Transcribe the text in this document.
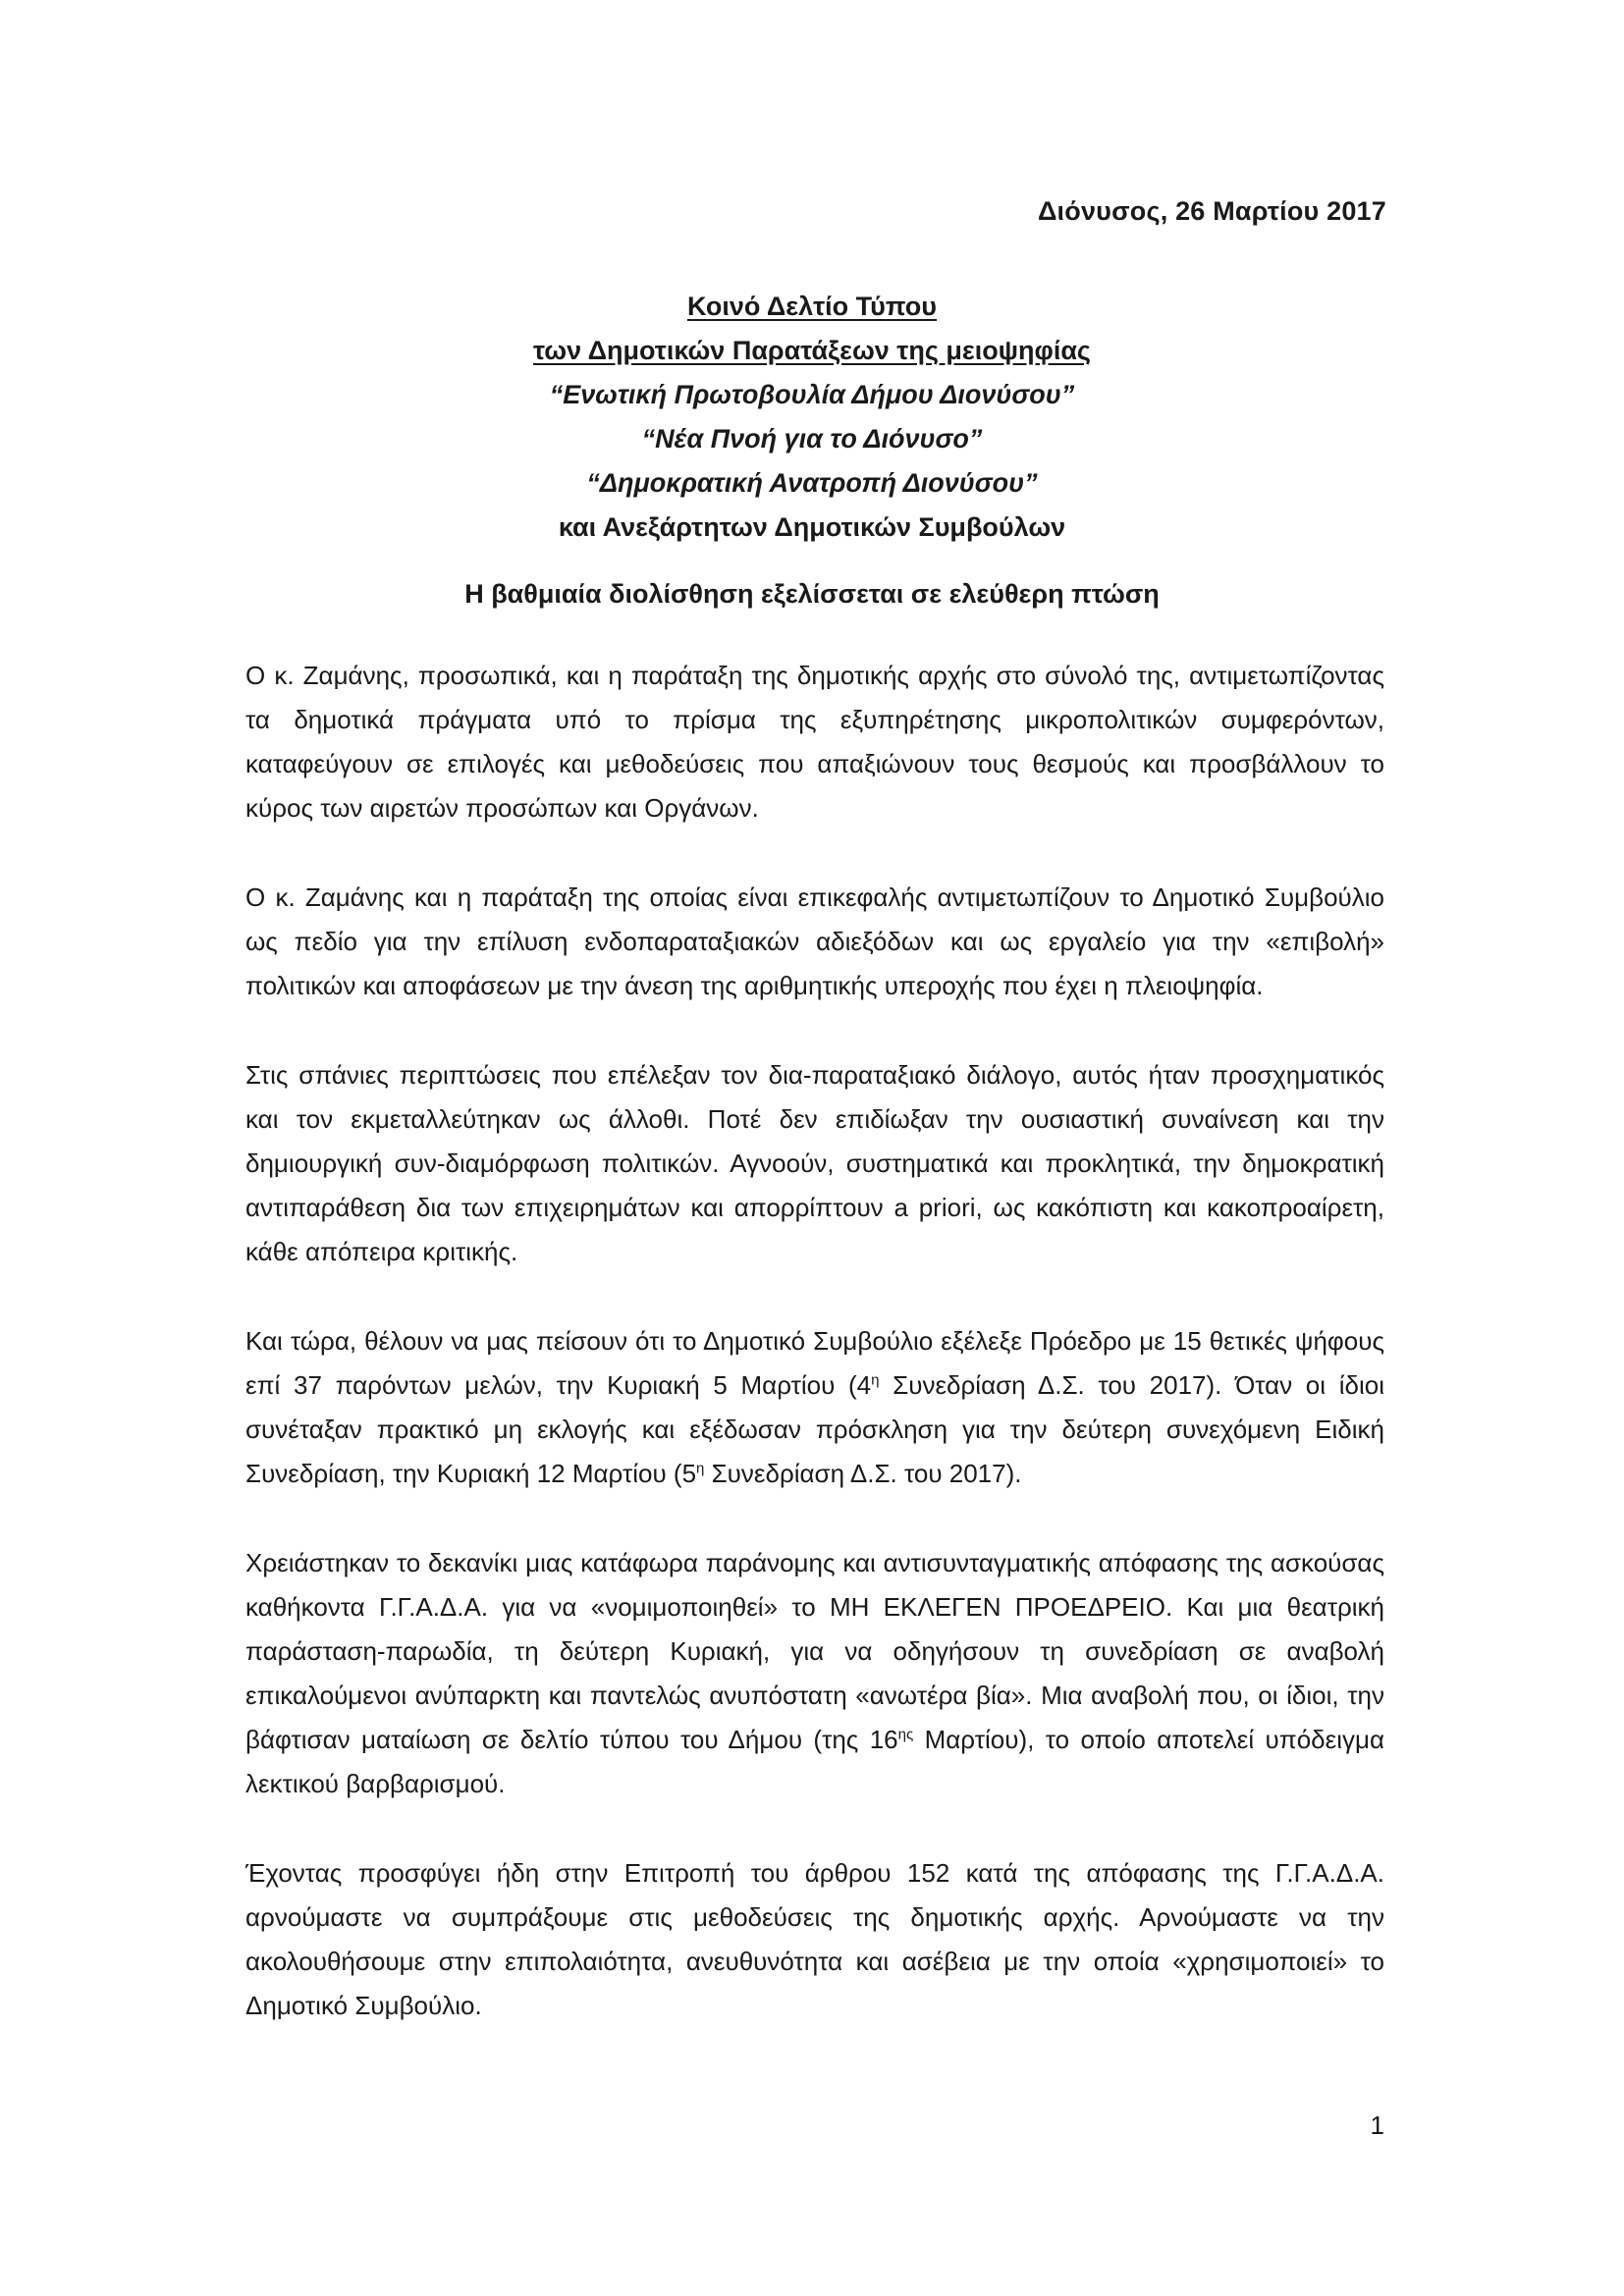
Διόνυσος, 26 Μαρτίου 2017
Κοινό Δελτίο Τύπου
των Δημοτικών Παρατάξεων της μειοψηφίας
“Ενωτική Πρωτοβουλία Δήμου Διονύσου”
“Νέα Πνοή για το Διόνυσο”
“Δημοκρατική Ανατροπή Διονύσου”
και Ανεξάρτητων Δημοτικών Συμβούλων
Η βαθμιαία διολίσθηση εξελίσσεται σε ελεύθερη πτώση

Ο κ. Ζαμάνης, προσωπικά, και η παράταξη της δημοτικής αρχής στο σύνολό της, αντιμετωπίζοντας τα δημοτικά πράγματα υπό το πρίσμα της εξυπηρέτησης μικροπολιτικών συμφερόντων, καταφεύγουν σε επιλογές και μεθοδεύσεις που απαξιώνουν τους θεσμούς και προσβάλλουν το κύρος των αιρετών προσώπων και Οργάνων.

Ο κ. Ζαμάνης και η παράταξη της οποίας είναι επικεφαλής αντιμετωπίζουν το Δημοτικό Συμβούλιο ως πεδίο για την επίλυση ενδοπαραταξιακών αδιεξόδων και ως εργαλείο για την «επιβολή» πολιτικών και αποφάσεων με την άνεση της αριθμητικής υπεροχής που έχει η πλειοψηφία.

Στις σπάνιες περιπτώσεις που επέλεξαν τον δια-παραταξιακό διάλογο, αυτός ήταν προσχηματικός και τον εκμεταλλεύτηκαν ως άλλοθι. Ποτέ δεν επιδίωξαν την ουσιαστική συναίνεση και την δημιουργική συν-διαμόρφωση πολιτικών. Αγνοούν, συστηματικά και προκλητικά, την δημοκρατική αντιπαράθεση δια των επιχειρημάτων και απορρίπτουν a priori, ως κακόπιστη και κακοπροαίρετη, κάθε απόπειρα κριτικής.

Και τώρα, θέλουν να μας πείσουν ότι το Δημοτικό Συμβούλιο εξέλεξε Πρόεδρο με 15 θετικές ψήφους επί 37 παρόντων μελών, την Κυριακή 5 Μαρτίου ($4^\eta$ Συνεδρίαση Δ.Σ. του 2017). Όταν οι ίδιοι συνέταξαν πρακτικό μη εκλογής και εξέδωσαν πρόσκληση για την δεύτερη συνεχόμενη Ειδική Συνεδρίαση, την Κυριακή 12 Μαρτίου ($5^\eta$ Συνεδρίαση Δ.Σ. του 2017).

Χρειάστηκαν το δεκανίκι μιας κατάφωρα παράνομης και αντισυνταγματικής απόφασης της ασκούσας καθήκοντα Γ.Γ.Α.Δ.Α. για να «νομιμοποιηθεί» το ΜΗ ΕΚΛΕΓΕΝ ΠΡΟΕΔΡΕΙΟ. Και μια θεατρική παράσταση-παρωδία, τη δεύτερη Κυριακή, για να οδηγήσουν τη συνεδρίαση σε αναβολή επικαλούμενοι ανύπαρκτη και παντελώς ανυπόστατη «ανωτέρα βία». Μια αναβολή που, οι ίδιοι, την βάφτισαν ματαίωση σε δελτίο τύπου του Δήμου (της $16^{\eta\varsigma}$ Μαρτίου), το οποίο αποτελεί υπόδειγμα λεκτικού βαρβαρισμού.

Έχοντας προσφύγει ήδη στην Επιτροπή του άρθρου 152 κατά της απόφασης της Γ.Γ.Α.Δ.Α. αρνούμαστε να συμπράξουμε στις μεθοδεύσεις της δημοτικής αρχής. Αρνούμαστε να την ακολουθήσουμε στην επιπολαιότητα, ανευθυνότητα και ασέβεια με την οποία «χρησιμοποιεί» το Δημοτικό Συμβούλιο.

1
